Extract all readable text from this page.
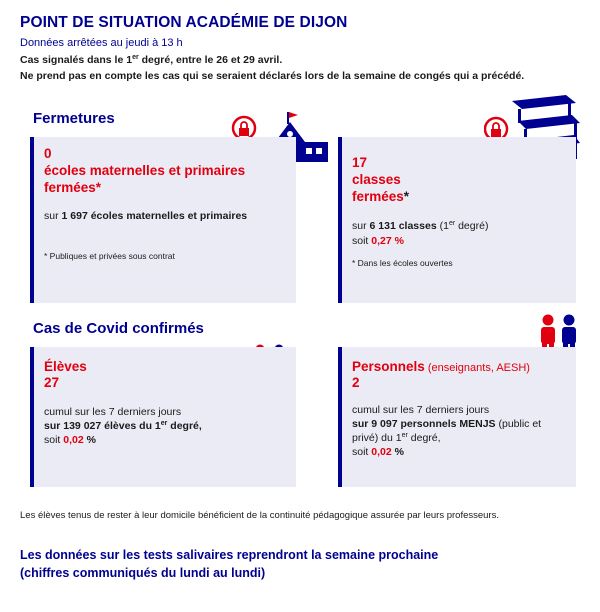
POINT DE SITUATION ACADÉMIE DE DIJON
Données arrêtées au jeudi à 13 h
Cas signalés dans le 1er degré, entre le 26 et 29 avril.
Ne prend pas en compte les cas qui se seraient déclarés lors de la semaine de congés qui a précédé.
Fermetures
0
écoles maternelles et primaires
fermées*
sur 1 697 écoles maternelles et primaires
* Publiques et privées sous contrat
17
classes
fermées*
sur 6 131 classes (1er degré)
soit 0,27 %
* Dans les écoles ouvertes
Cas de Covid confirmés
Élèves
27
cumul sur les 7 derniers jours
sur 139 027 élèves du 1er degré,
soit 0,02 %
Personnels (enseignants, AESH)
2
cumul sur les 7 derniers jours
sur 9 097 personnels MENJS (public et
privé) du 1er degré,
soit 0,02 %
Les élèves tenus de rester à leur domicile bénéficient de la continuité pédagogique assurée par leurs professeurs.
Les données sur les tests salivaires reprendront la semaine prochaine
(chiffres communiqués du lundi au lundi)
